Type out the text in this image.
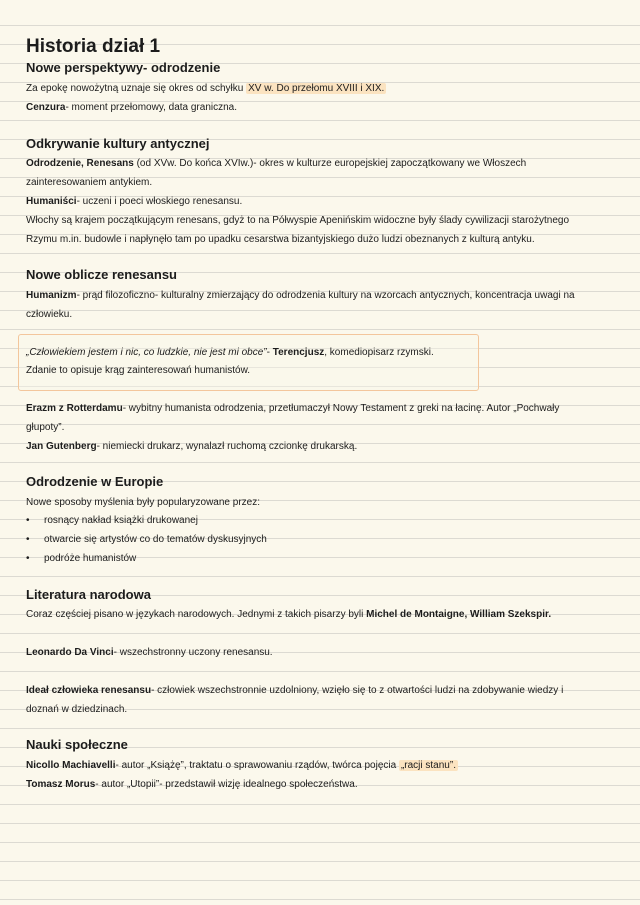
Historia dział 1
Nowe perspektywy- odrodzenie
Za epokę nowożytną uznaje się okres od schyłku XV w. Do przełomu XVIII i XIX.
Cenzura- moment przełomowy, data graniczna.
Odkrywanie kultury antycznej
Odrodzenie, Renesans (od XVw. Do końca XVIw.)- okres w kulturze europejskiej zapoczątkowany we Włoszech
zainteresowaniem antykiem.
Humaniści- uczeni i poeci włoskiego renesansu.
Włochy są krajem początkującym renesans, gdyż to na Półwyspie Apenińskim widoczne były ślady cywilizacji starożytnego
Rzymu m.in. budowle i napłynęło tam po upadku cesarstwa bizantyjskiego dużo ludzi obeznanych z kulturą antyku.
Nowe oblicze renesansu
Humanizm- prąd filozoficzno- kulturalny zmierzający do odrodzenia kultury na wzorcach antycznych, koncentracja uwagi na
człowieku.
„Człowiekiem jestem i nic, co ludzkie, nie jest mi obce”- Terencjusz, komediopisarz rzymski.
Zdanie to opisuje krąg zainteresowań humanistów.
Erazm z Rotterdamu- wybitny humanista odrodzenia, przetłumaczył Nowy Testament z greki na łacinę. Autor „Pochwały
głupoty”.
Jan Gutenberg- niemiecki drukarz, wynalazł ruchomą czcionkę drukarską.
Odrodzenie w Europie
Nowe sposoby myślenia były popularyzowane przez:
• rosnący nakład książki drukowanej
• otwarcie się artystów co do tematów dyskusyjnych
• podróże humanistów
Literatura narodowa
Coraz częściej pisano w językach narodowych. Jednymi z takich pisarzy byli Michel de Montaigne, William Szekspir.
Leonardo Da Vinci- wszechstronny uczony renesansu.
Ideał człowieka renesansu- człowiek wszechstronnie uzdolniony, wzięło się to z otwartości ludzi na zdobywanie wiedzy i
doznań w dziedzinach.
Nauki społeczne
Nicollo Machiavelli- autor „Książę”, traktatu o sprawowaniu rządów, twórca pojęcia „racji stanu”.
Tomasz Morus- autor „Utopii”- przedstawił wizję idealnego społeczeństwa.
